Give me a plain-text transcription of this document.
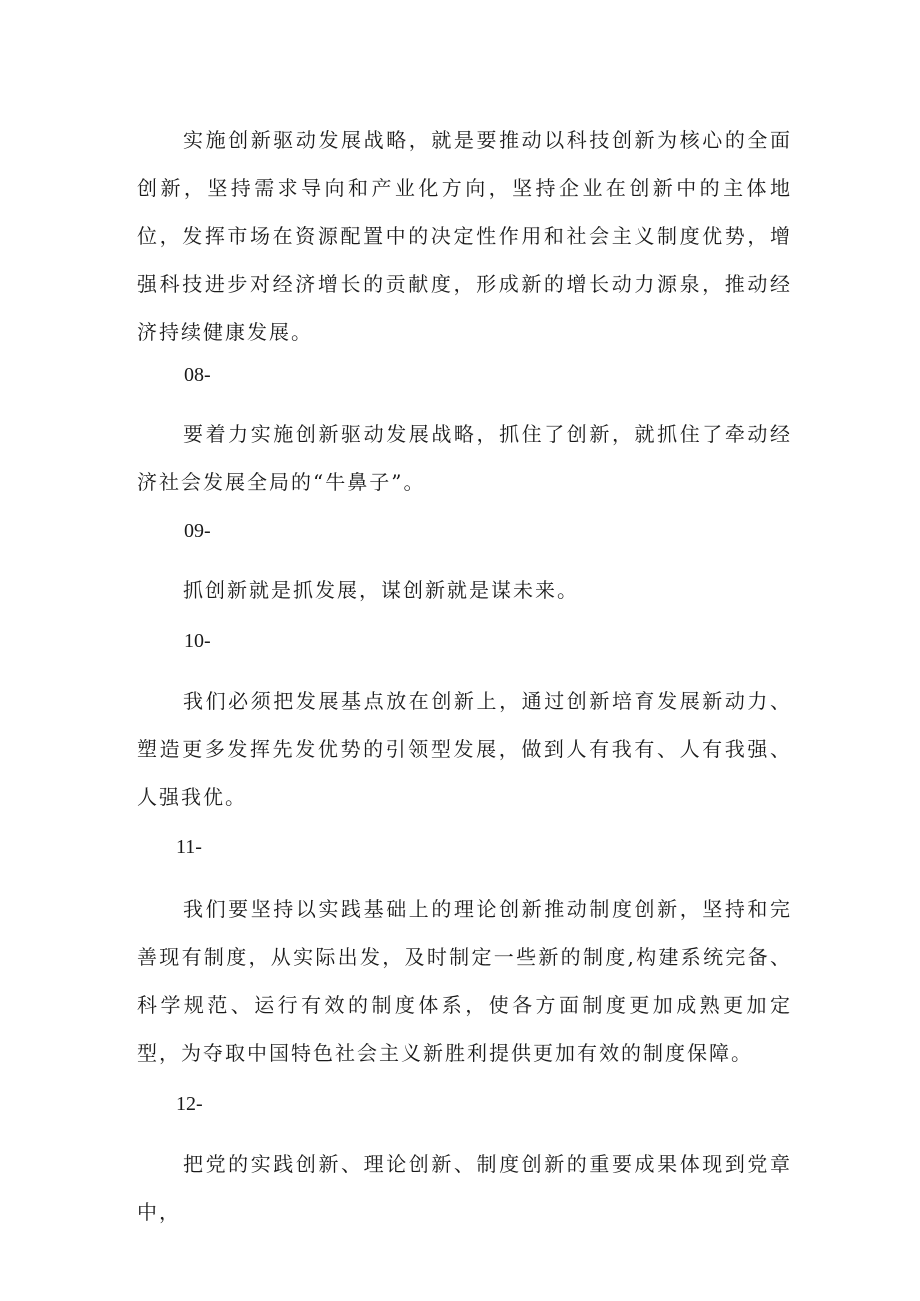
实施创新驱动发展战略，就是要推动以科技创新为核心的全面创新，坚持需求导向和产业化方向，坚持企业在创新中的主体地位，发挥市场在资源配置中的决定性作用和社会主义制度优势，增强科技进步对经济增长的贡献度，形成新的增长动力源泉，推动经济持续健康发展。

08-

要着力实施创新驱动发展战略，抓住了创新，就抓住了牵动经济社会发展全局的“牛鼻子”。

09-

抓创新就是抓发展，谋创新就是谋未来。

10-

我们必须把发展基点放在创新上，通过创新培育发展新动力、塑造更多发挥先发优势的引领型发展，做到人有我有、人有我强、人强我优。

11-

我们要坚持以实践基础上的理论创新推动制度创新，坚持和完善现有制度，从实际出发，及时制定一些新的制度,构建系统完备、科学规范、运行有效的制度体系，使各方面制度更加成熟更加定型，为夺取中国特色社会主义新胜利提供更加有效的制度保障。

12-

把党的实践创新、理论创新、制度创新的重要成果体现到党章中，
